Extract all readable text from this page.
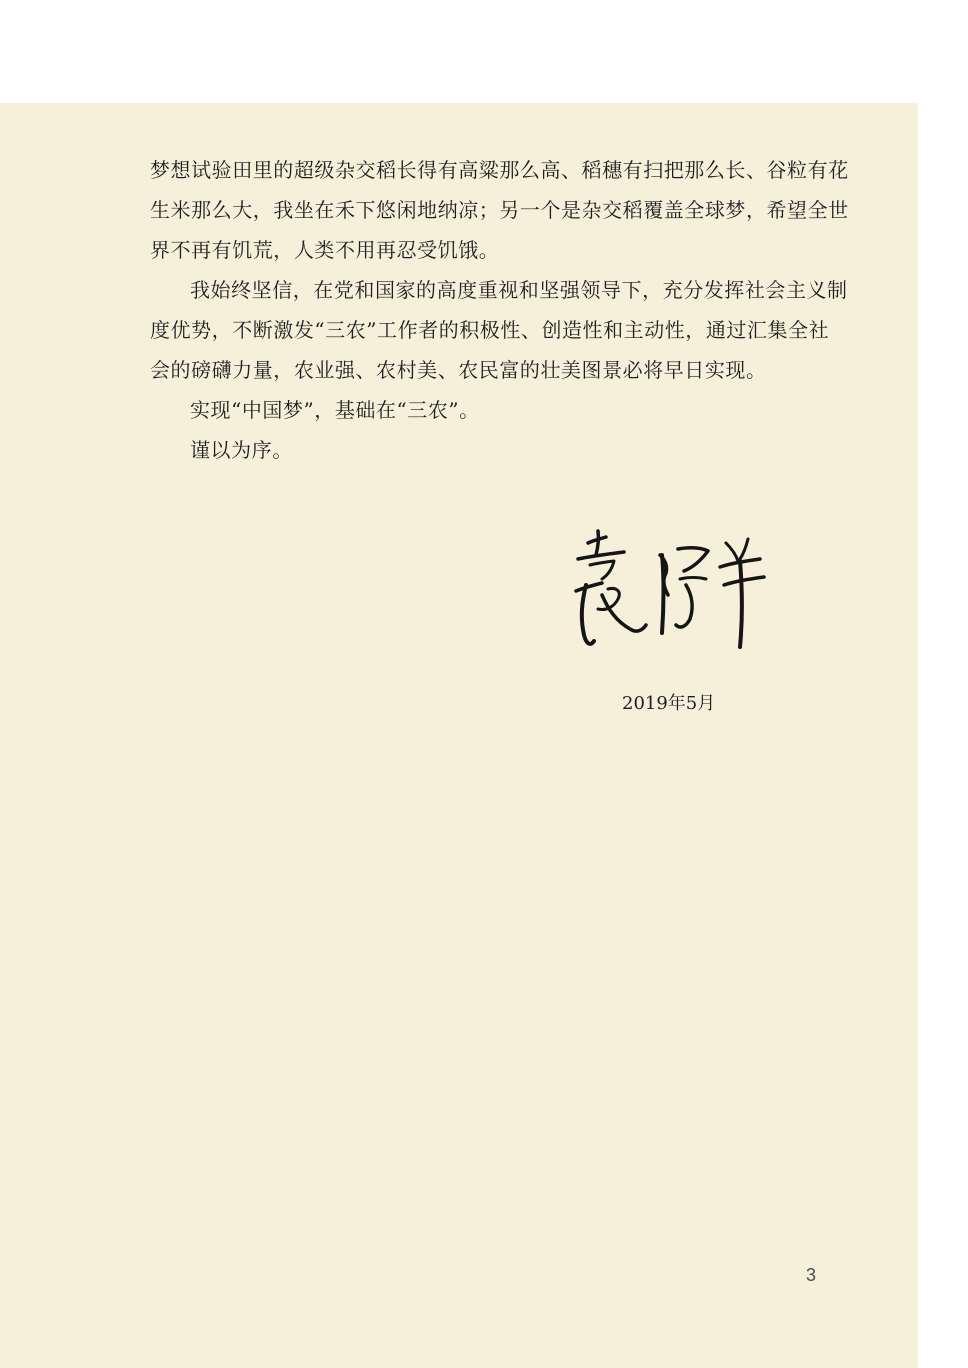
梦想试验田里的超级杂交稻长得有高粱那么高、稻穗有扫把那么长、谷粒有花
生米那么大，我坐在禾下悠闲地纳凉；另一个是杂交稻覆盖全球梦，希望全世
界不再有饥荒，人类不用再忍受饥饿。
我始终坚信，在党和国家的高度重视和坚强领导下，充分发挥社会主义制
度优势，不断激发“三农”工作者的积极性、创造性和主动性，通过汇集全社
会的磅礴力量，农业强、农村美、农民富的壮美图景必将早日实现。
实现“中国梦”，基础在“三农”。
谨以为序。
2019年5月
3
